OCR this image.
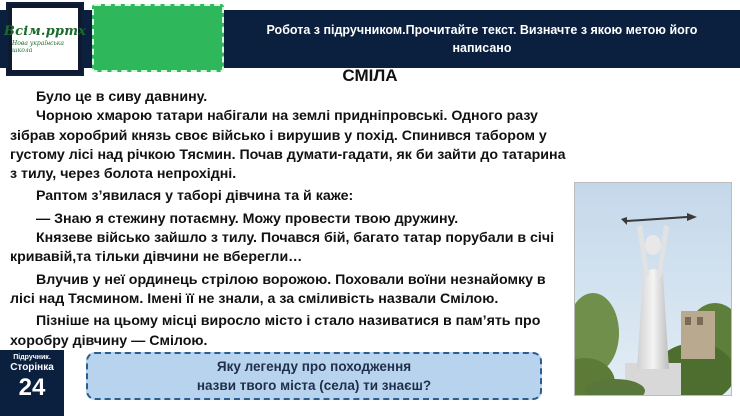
Всім.ppтх
Нова українська школа
Робота з підручником.Прочитайте текст. Визначте з якою метою його написано
СМІЛА

Було це в сиву давнину.

Чорною хмарою татари набігали на землі придніпровські. Одного разу зібрав хоробрий князь своє військо і вирушив у похід. Спинився табором у густому лісі над річкою Тясмин. Почав думати-гадати, як би зайти до татарина з тилу, через болота непрохідні.

Раптом з’явилася у таборі дівчина та й каже:

— Знаю я стежину потаємну. Можу провести твою дружину.

Князеве військо зайшло з тилу. Почався бій, багато татар порубали в січі кривавій,та тільки дівчини не вберегли…

Влучив у неї ординець стрілою ворожою. Поховали воїни незнайомку в лісі над Тясмином. Імені її не знали, а за сміливість назвали Смілою.

Пізніше на цьому місці виросло місто і стало називатися в пам’ять про хоробру дівчину — Смілою.

Підручник.
Сторінка
24
Яку легенду про походження
назви твого міста (села) ти знаєш?
